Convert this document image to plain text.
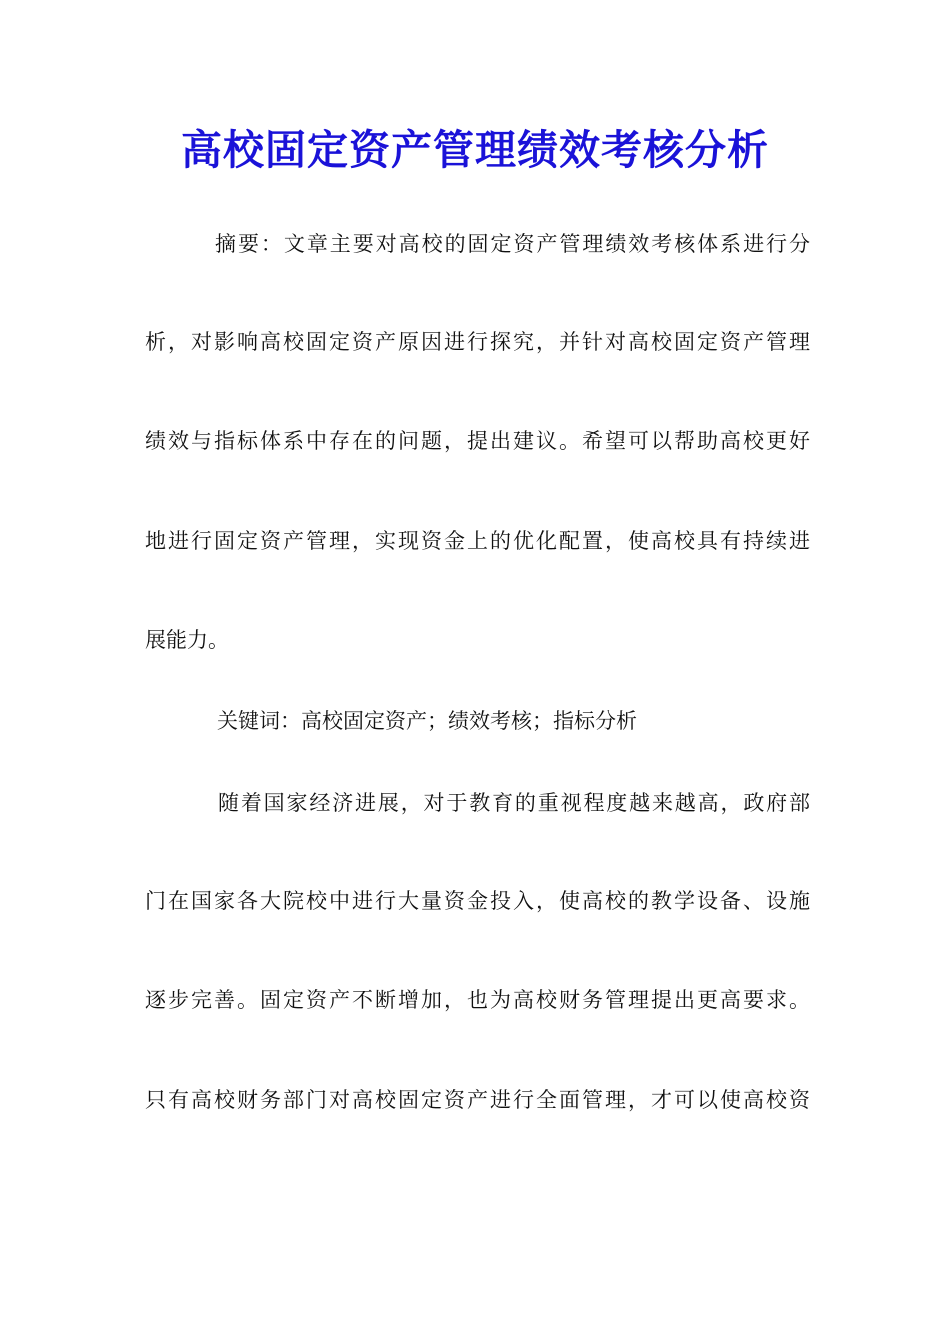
高校固定资产管理绩效考核分析
摘要：文章主要对高校的固定资产管理绩效考核体系进行分
析，对影响高校固定资产原因进行探究，并针对高校固定资产管理
绩效与指标体系中存在的问题，提出建议。希望可以帮助高校更好
地进行固定资产管理，实现资金上的优化配置，使高校具有持续进
展能力。
关键词：高校固定资产；绩效考核；指标分析
随着国家经济进展，对于教育的重视程度越来越高，政府部
门在国家各大院校中进行大量资金投入，使高校的教学设备、设施
逐步完善。固定资产不断增加，也为高校财务管理提出更高要求。
只有高校财务部门对高校固定资产进行全面管理，才可以使高校资
